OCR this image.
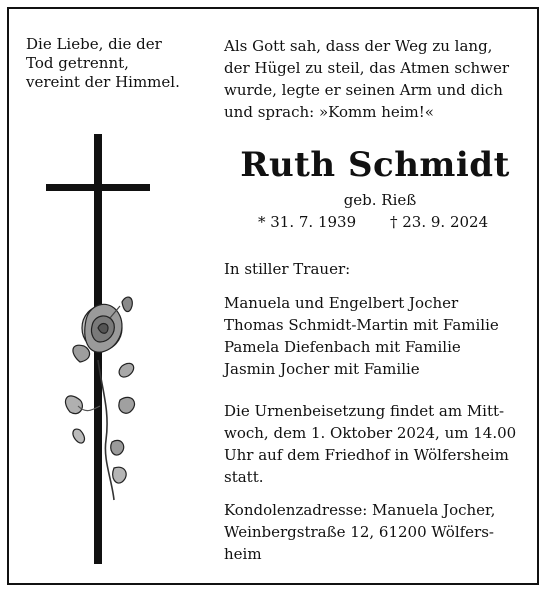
Die Liebe, die der
Tod getrennt,
vereint der Himmel.
Als Gott sah, dass der Weg zu lang,
der Hügel zu steil, das Atmen schwer
wurde, legte er seinen Arm und dich
und sprach: »Komm heim!«
Ruth Schmidt
geb. Rieß
* 31. 7. 1939 † 23. 9. 2024
In stiller Trauer:
Manuela und Engelbert Jocher
Thomas Schmidt-Martin mit Familie
Pamela Diefenbach mit Familie
Jasmin Jocher mit Familie
Die Urnenbeisetzung findet am Mitt-
woch, dem 1. Oktober 2024, um 14.00
Uhr auf dem Friedhof in Wölfersheim
statt.
Kondolenzadresse: Manuela Jocher,
Weinbergstraße 12, 61200 Wölfers-
heim
